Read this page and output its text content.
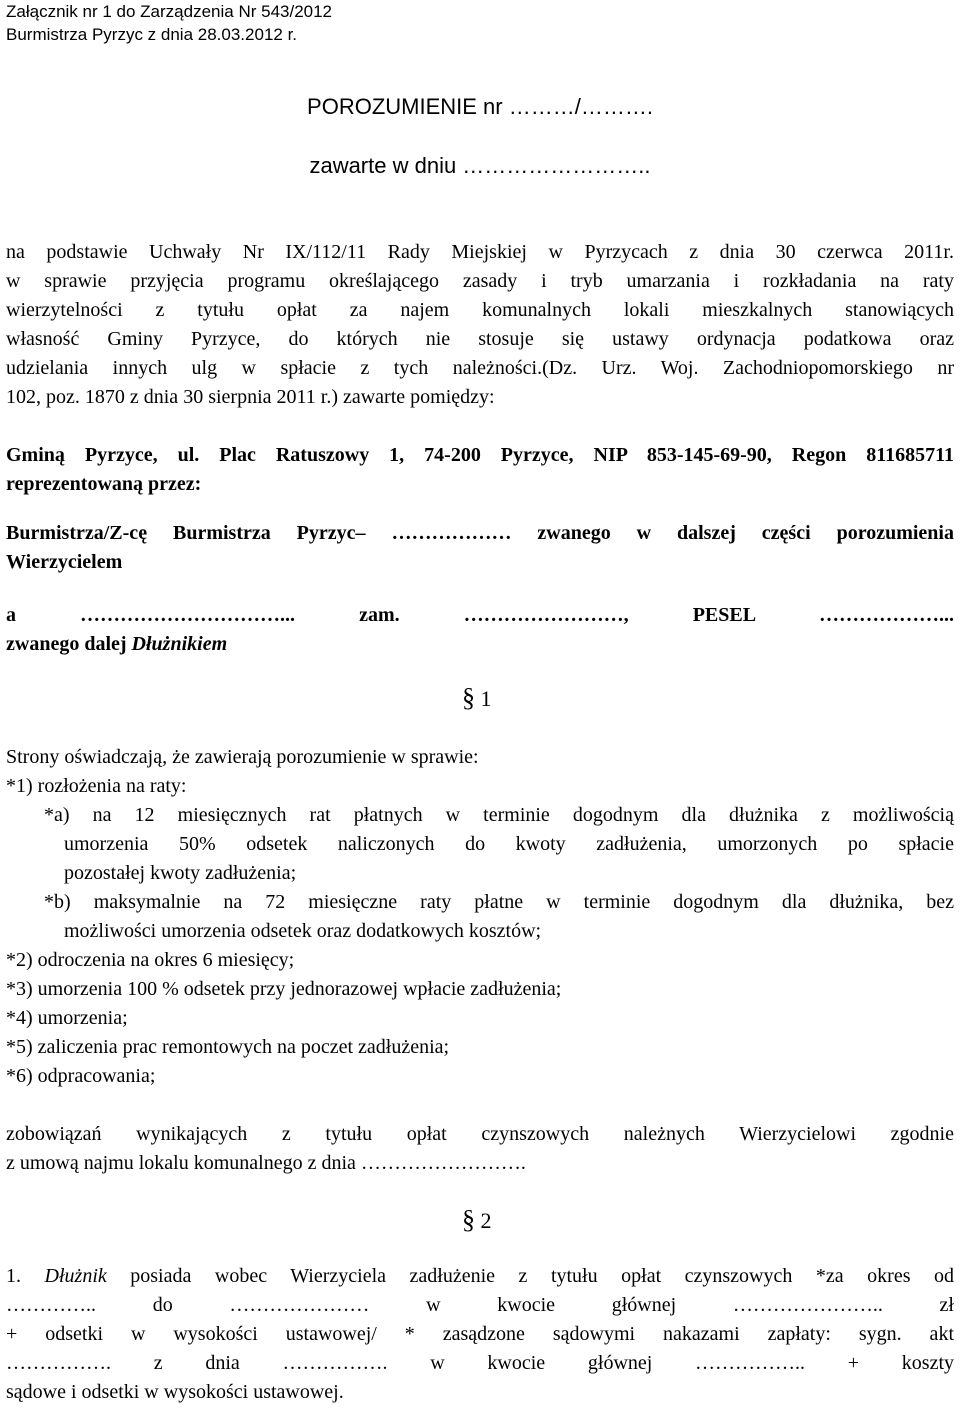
Załącznik nr 1 do Zarządzenia Nr 543/2012
Burmistrza Pyrzyc z dnia 28.03.2012 r.
POROZUMIENIE nr ………/……….
zawarte w dniu ……………………..
na podstawie Uchwały Nr IX/112/11 Rady Miejskiej w Pyrzycach z dnia 30 czerwca 2011r.
w sprawie przyjęcia programu określającego zasady i tryb umarzania i rozkładania na raty
wierzytelności z tytułu opłat za najem komunalnych lokali mieszkalnych stanowiących
własność Gminy Pyrzyce, do których nie stosuje się ustawy ordynacja podatkowa oraz
udzielania innych ulg w spłacie z tych należności.(Dz. Urz. Woj. Zachodniopomorskiego nr
102, poz. 1870 z dnia 30 sierpnia 2011 r.) zawarte pomiędzy:
Gminą Pyrzyce, ul. Plac Ratuszowy 1, 74-200 Pyrzyce, NIP 853-145-69-90, Regon 811685711
reprezentowaną przez:
Burmistrza/Z-cę Burmistrza Pyrzyc– ……………… zwanego w dalszej części porozumienia
Wierzycielem
a …………………………... zam. ……………………, PESEL ………………...
zwanego dalej Dłużnikiem
§ 1
Strony oświadczają, że zawierają porozumienie w sprawie:
*1) rozłożenia na raty:
*a) na 12 miesięcznych rat płatnych w terminie dogodnym dla dłużnika z możliwością
umorzenia 50% odsetek naliczonych do kwoty zadłużenia, umorzonych po spłacie
pozostałej kwoty zadłużenia;
*b) maksymalnie na 72 miesięczne raty płatne w terminie dogodnym dla dłużnika, bez
możliwości umorzenia odsetek oraz dodatkowych kosztów;
*2) odroczenia na okres 6 miesięcy;
*3) umorzenia 100 % odsetek przy jednorazowej wpłacie zadłużenia;
*4) umorzenia;
*5) zaliczenia prac remontowych na poczet zadłużenia;
*6) odpracowania;
zobowiązań wynikających z tytułu opłat czynszowych należnych Wierzycielowi zgodnie
z umową najmu lokalu komunalnego z dnia …………………….
§ 2
1. Dłużnik posiada wobec Wierzyciela zadłużenie z tytułu opłat czynszowych *za okres od
………….. do ………………… w kwocie głównej ………………….. zł
+ odsetki w wysokości ustawowej/ * zasądzone sądowymi nakazami zapłaty: sygn. akt
……………. z dnia ……………. w kwocie głównej …………….. + koszty
sądowe i odsetki w wysokości ustawowej.
